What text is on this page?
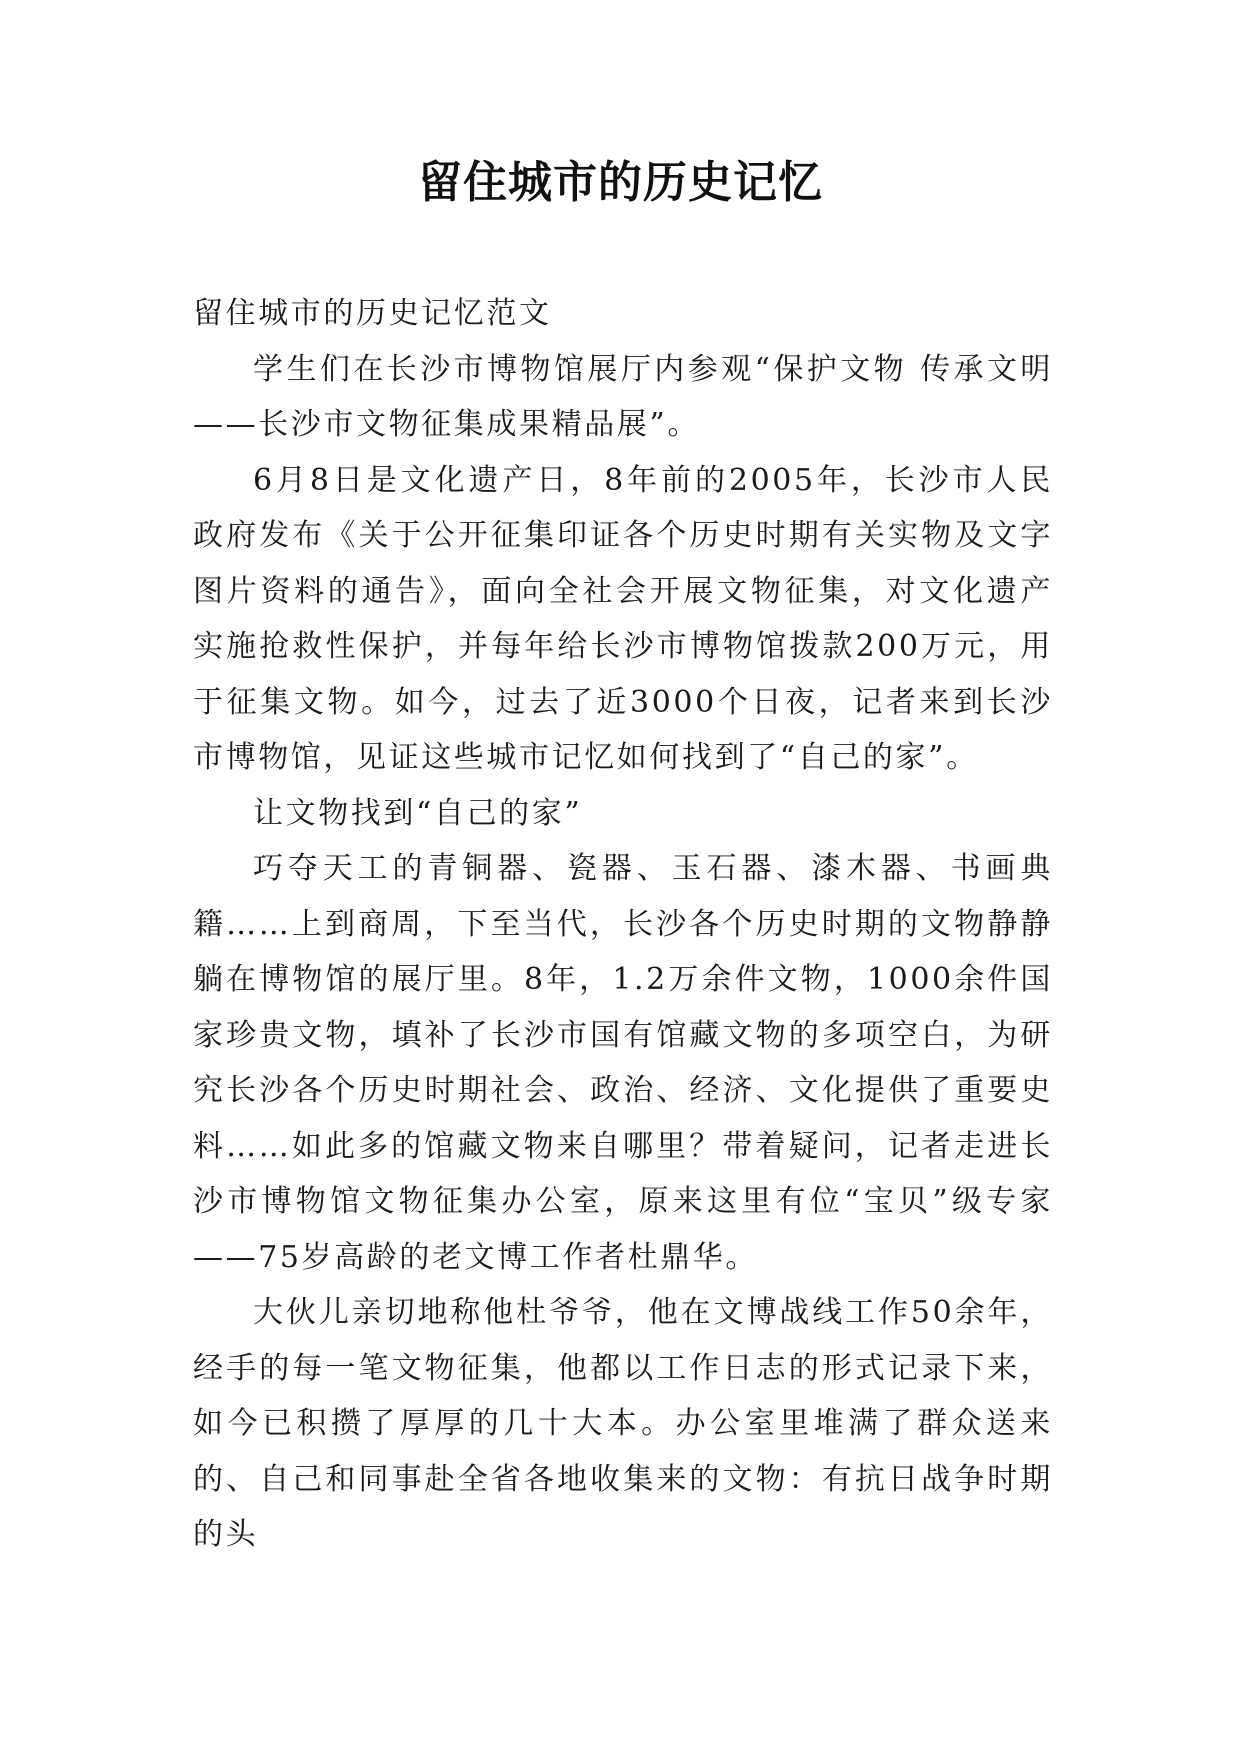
留住城市的历史记忆

留住城市的历史记忆范文

学生们在长沙市博物馆展厅内参观“保护文物 传承文明——长沙市文物征集成果精品展”。

6月8日是文化遗产日，8年前的2005年，长沙市人民政府发布《关于公开征集印证各个历史时期有关实物及文字图片资料的通告》，面向全社会开展文物征集，对文化遗产实施抢救性保护，并每年给长沙市博物馆拨款200万元，用于征集文物。如今，过去了近3000个日夜，记者来到长沙市博物馆，见证这些城市记忆如何找到了“自己的家”。

让文物找到“自己的家”

巧夺天工的青铜器、瓷器、玉石器、漆木器、书画典籍……上到商周，下至当代，长沙各个历史时期的文物静静躺在博物馆的展厅里。8年，1.2万余件文物，1000余件国家珍贵文物，填补了长沙市国有馆藏文物的多项空白，为研究长沙各个历史时期社会、政治、经济、文化提供了重要史料……如此多的馆藏文物来自哪里？带着疑问，记者走进长沙市博物馆文物征集办公室，原来这里有位“宝贝”级专家——75岁高龄的老文博工作者杜鼎华。

大伙儿亲切地称他杜爷爷，他在文博战线工作50余年，经手的每一笔文物征集，他都以工作日志的形式记录下来，如今已积攒了厚厚的几十大本。办公室里堆满了群众送来的、自己和同事赴全省各地收集来的文物：有抗日战争时期的头
